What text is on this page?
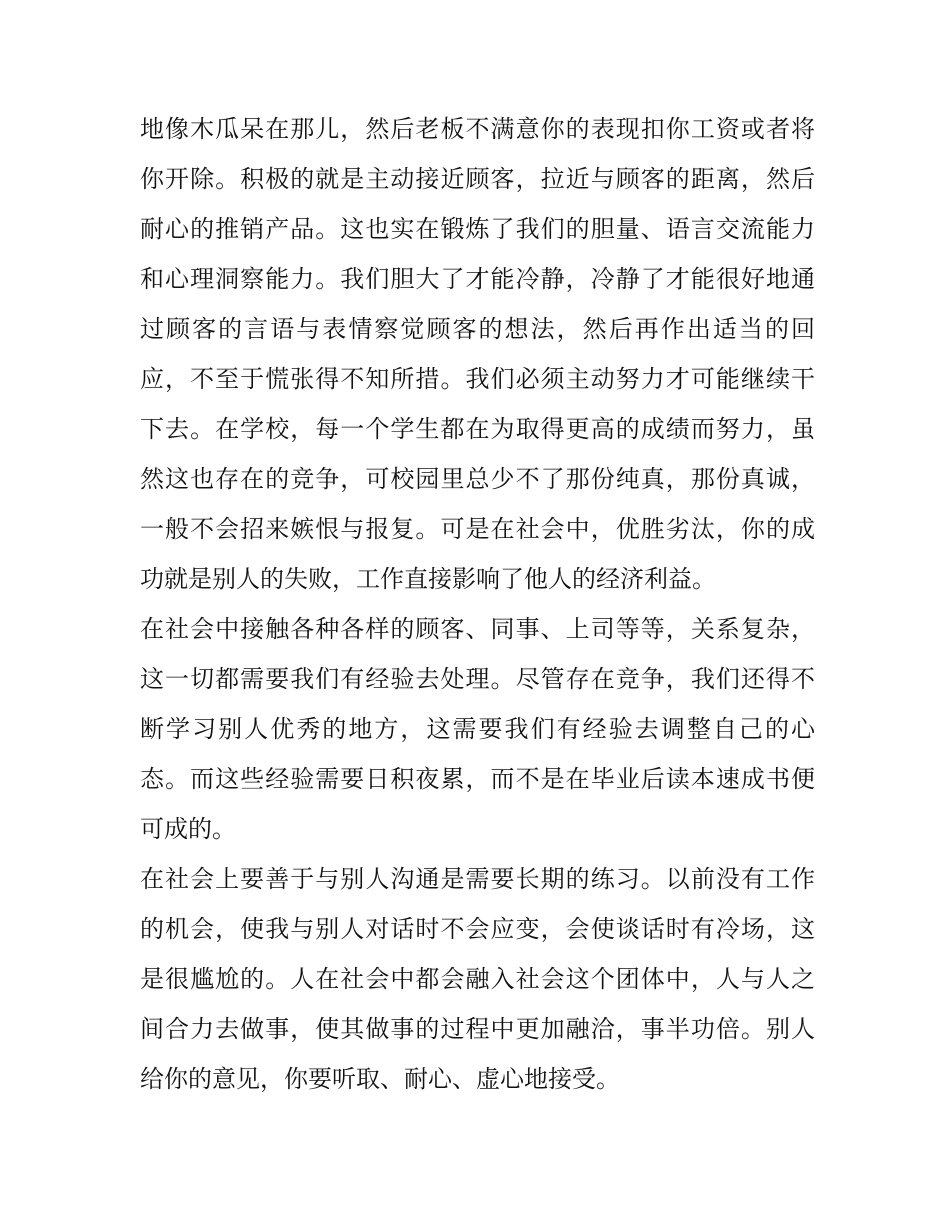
地像木瓜呆在那儿，然后老板不满意你的表现扣你工资或者将
你开除。积极的就是主动接近顾客，拉近与顾客的距离，然后
耐心的推销产品。这也实在锻炼了我们的胆量、语言交流能力
和心理洞察能力。我们胆大了才能冷静，冷静了才能很好地通
过顾客的言语与表情察觉顾客的想法，然后再作出适当的回
应，不至于慌张得不知所措。我们必须主动努力才可能继续干
下去。在学校，每一个学生都在为取得更高的成绩而努力，虽
然这也存在的竞争，可校园里总少不了那份纯真，那份真诚，
一般不会招来嫉恨与报复。可是在社会中，优胜劣汰，你的成
功就是别人的失败，工作直接影响了他人的经济利益。
在社会中接触各种各样的顾客、同事、上司等等，关系复杂，
这一切都需要我们有经验去处理。尽管存在竞争，我们还得不
断学习别人优秀的地方，这需要我们有经验去调整自己的心
态。而这些经验需要日积夜累，而不是在毕业后读本速成书便
可成的。
在社会上要善于与别人沟通是需要长期的练习。以前没有工作
的机会，使我与别人对话时不会应变，会使谈话时有冷场，这
是很尴尬的。人在社会中都会融入社会这个团体中，人与人之
间合力去做事，使其做事的过程中更加融洽，事半功倍。别人
给你的意见，你要听取、耐心、虚心地接受。
